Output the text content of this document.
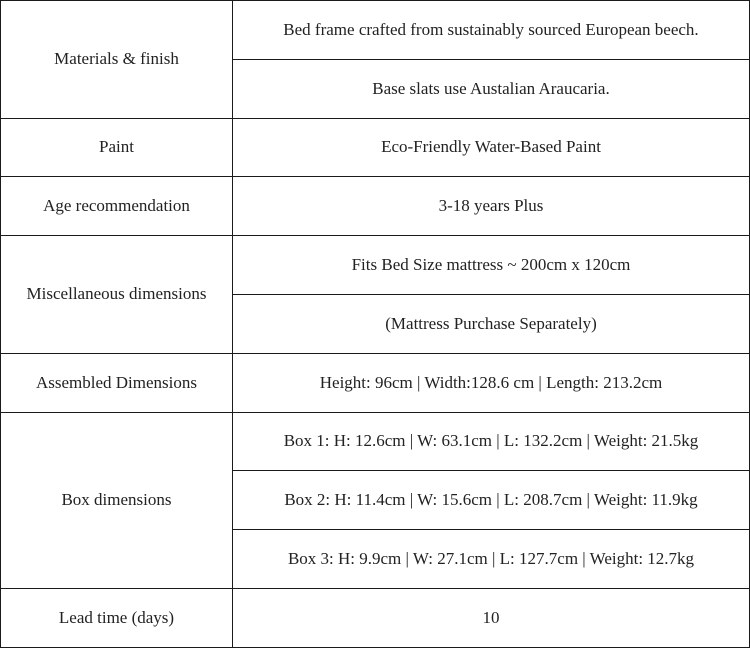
Materials & finish	Bed frame crafted from sustainably sourced European beech.
	Base slats use Austalian Araucaria.
Paint	Eco-Friendly Water-Based Paint
Age recommendation	3-18 years Plus
Miscellaneous dimensions	Fits Bed Size mattress ~ 200cm x 120cm
	(Mattress Purchase Separately)
Assembled Dimensions	Height: 96cm | Width:128.6 cm | Length: 213.2cm
Box dimensions	Box 1: H: 12.6cm | W: 63.1cm | L: 132.2cm | Weight: 21.5kg
	Box 2: H: 11.4cm | W: 15.6cm | L: 208.7cm | Weight: 11.9kg
	Box 3: H: 9.9cm | W: 27.1cm | L: 127.7cm | Weight: 12.7kg
Lead time (days)	10
